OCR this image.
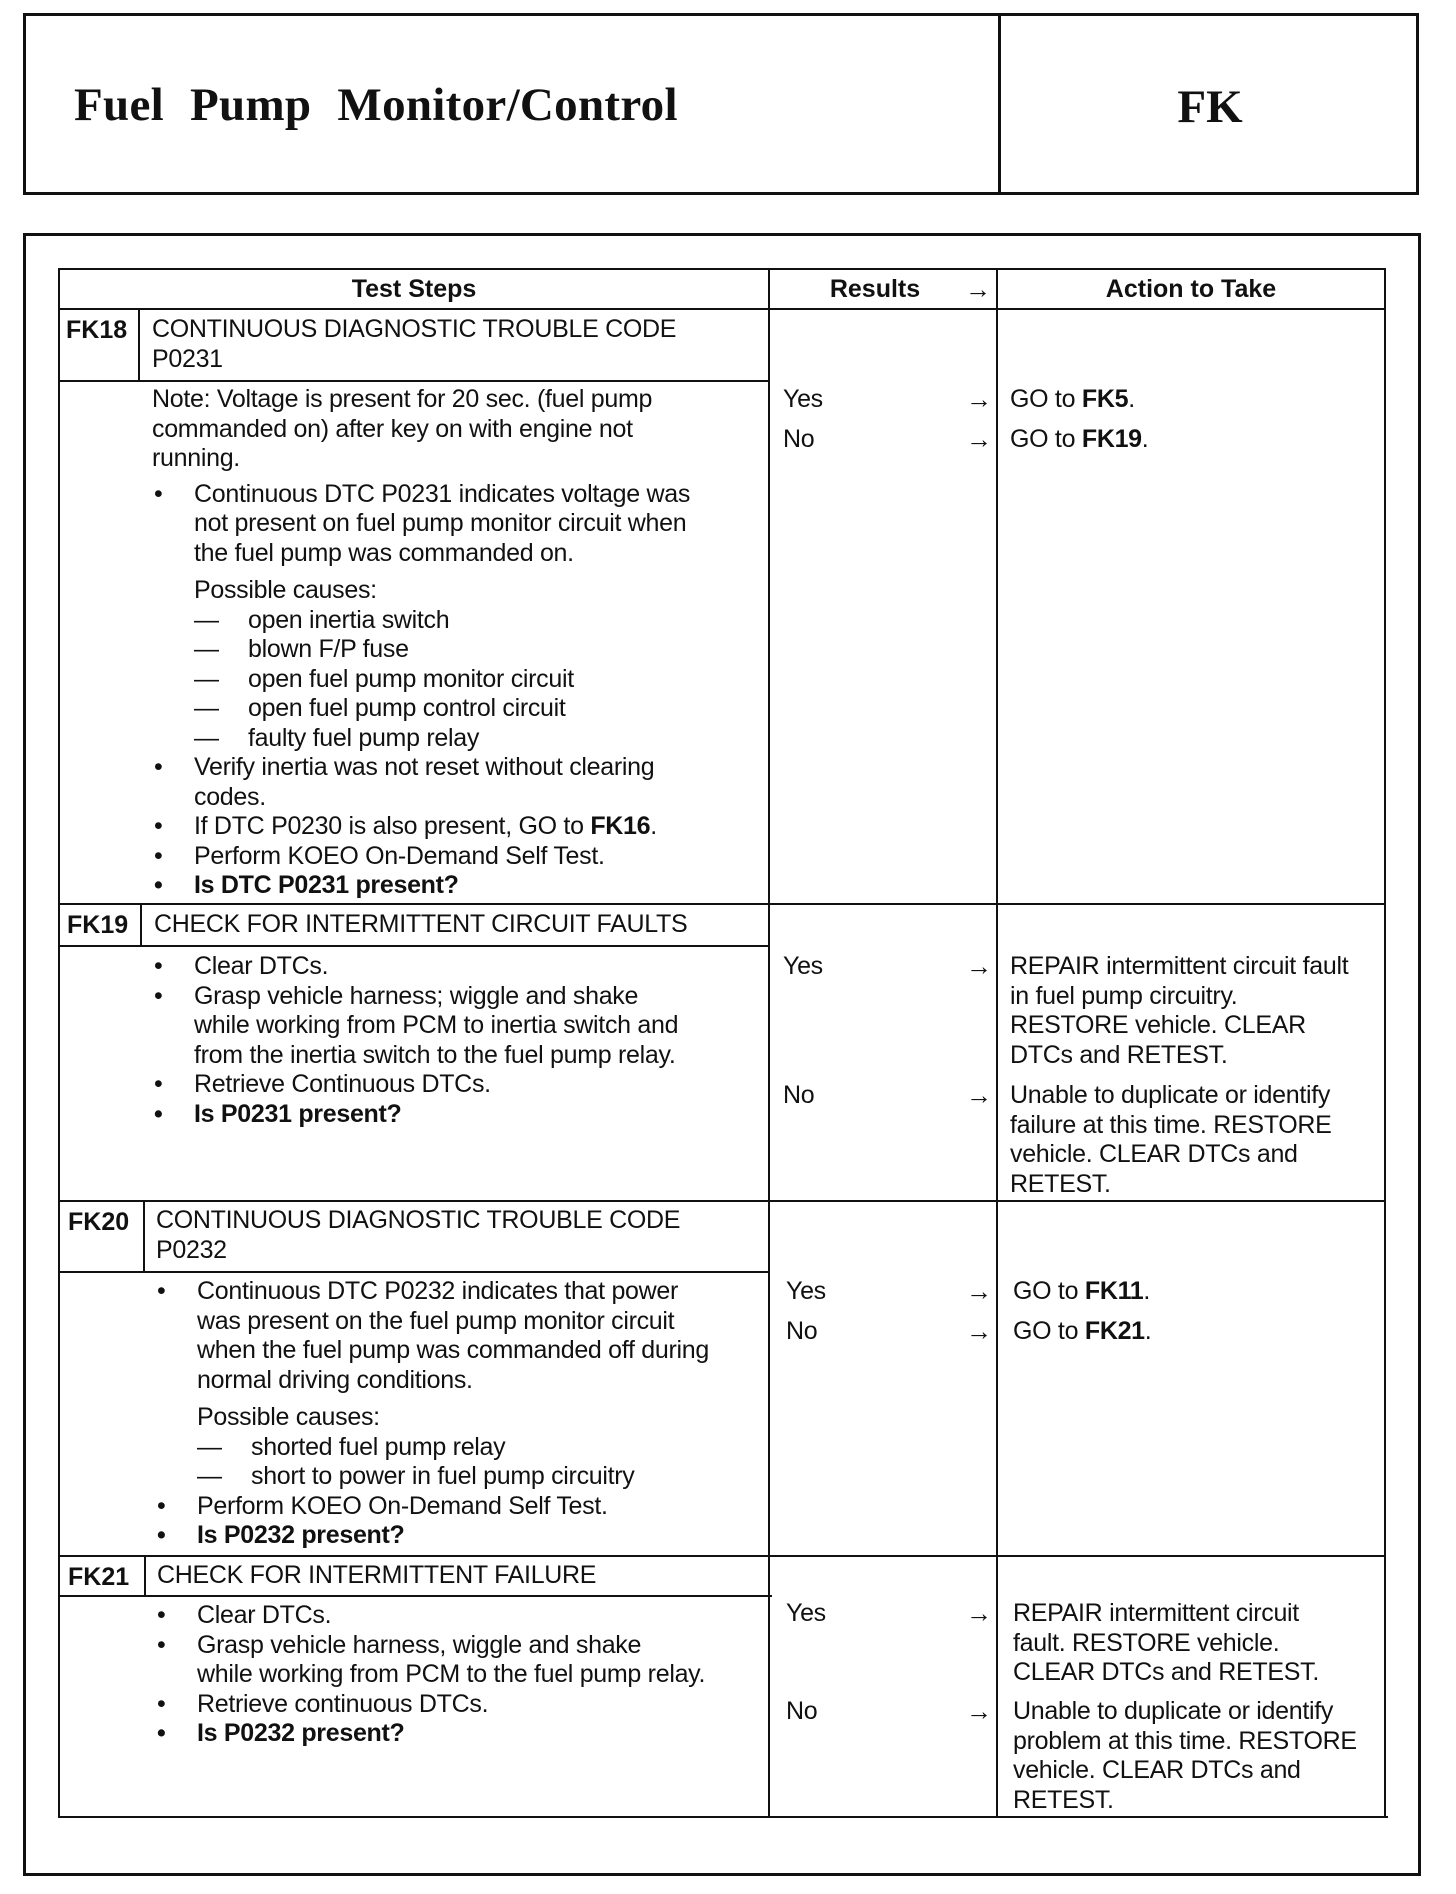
Fuel Pump Monitor/Control	FK
Test Steps	Results	→	Action to Take
FK18 CONTINUOUS DIAGNOSTIC TROUBLE CODE
P0231
Note: Voltage is present for 20 sec. (fuel pump
commanded on) after key on with engine not
running.
• Continuous DTC P0231 indicates voltage was
not present on fuel pump monitor circuit when
the fuel pump was commanded on.
Possible causes:
— open inertia switch
— blown F/P fuse
— open fuel pump monitor circuit
— open fuel pump control circuit
— faulty fuel pump relay
• Verify inertia was not reset without clearing
codes.
• If DTC P0230 is also present, GO to FK16.
• Perform KOEO On-Demand Self Test.
• Is DTC P0231 present?
Yes	→ GO to FK5.
No	→ GO to FK19.
FK19 CHECK FOR INTERMITTENT CIRCUIT FAULTS
• Clear DTCs.
• Grasp vehicle harness; wiggle and shake
while working from PCM to inertia switch and
from the inertia switch to the fuel pump relay.
• Retrieve Continuous DTCs.
• Is P0231 present?
Yes	→ REPAIR intermittent circuit fault
in fuel pump circuitry.
RESTORE vehicle. CLEAR
DTCs and RETEST.
No	→ Unable to duplicate or identify
failure at this time. RESTORE
vehicle. CLEAR DTCs and
RETEST.
FK20 CONTINUOUS DIAGNOSTIC TROUBLE CODE
P0232
• Continuous DTC P0232 indicates that power
was present on the fuel pump monitor circuit
when the fuel pump was commanded off during
normal driving conditions.
Possible causes:
— shorted fuel pump relay
— short to power in fuel pump circuitry
• Perform KOEO On-Demand Self Test.
• Is P0232 present?
Yes	→ GO to FK11.
No	→ GO to FK21.
FK21 CHECK FOR INTERMITTENT FAILURE
• Clear DTCs.
• Grasp vehicle harness, wiggle and shake
while working from PCM to the fuel pump relay.
• Retrieve continuous DTCs.
• Is P0232 present?
Yes	→ REPAIR intermittent circuit
fault. RESTORE vehicle.
CLEAR DTCs and RETEST.
No	→ Unable to duplicate or identify
problem at this time. RESTORE
vehicle. CLEAR DTCs and
RETEST.
